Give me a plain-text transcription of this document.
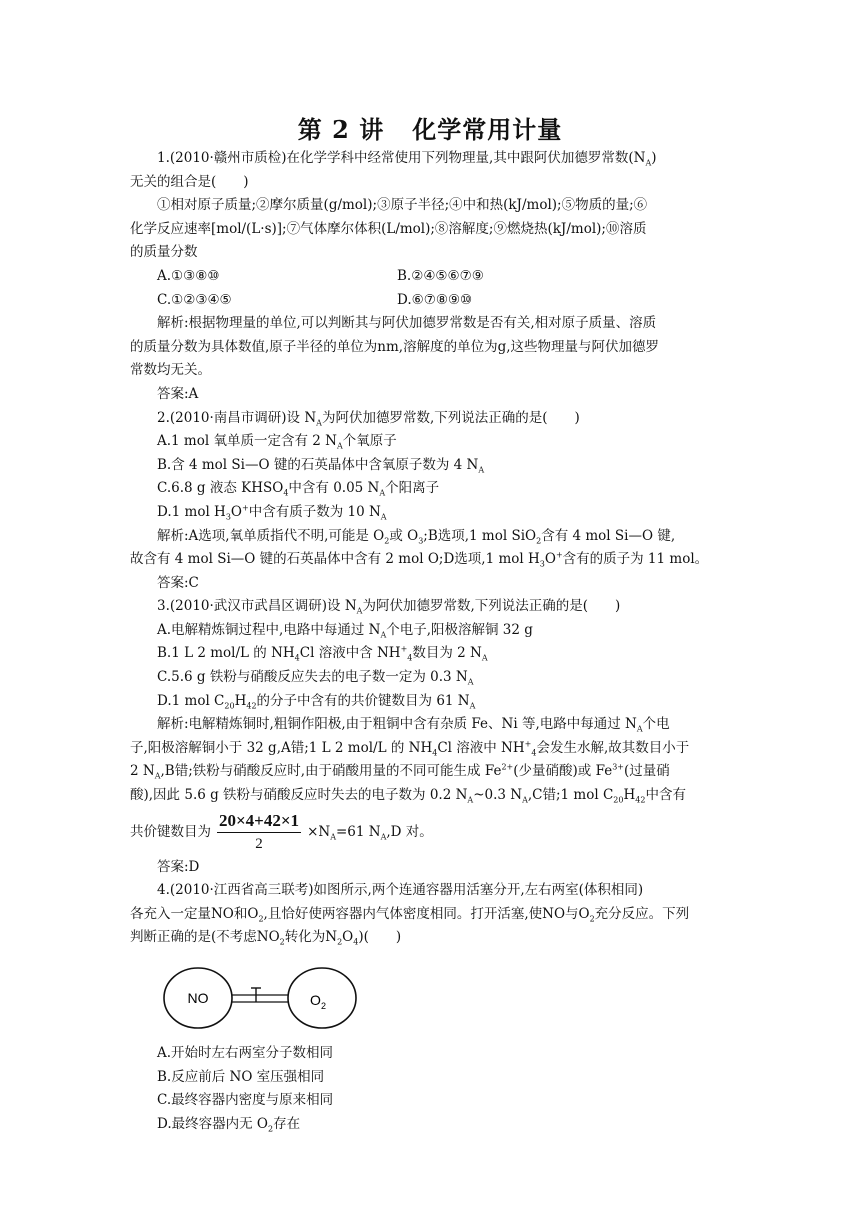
第 2 讲 化学常用计量

1.(2010·赣州市质检)在化学学科中经常使用下列物理量,其中跟阿伏加德罗常数$(N_A)$

无关的组合是(　　)

①相对原子质量;②摩尔质量(g/mol);③原子半径;④中和热(kJ/mol);⑤物质的量;⑥

化学反应速率[mol/(L·s)];⑦气体摩尔体积(L/mol);⑧溶解度;⑨燃烧热(kJ/mol);⑩溶质

的质量分数

A.①③⑧⑩	B.②④⑤⑥⑦⑨
C.①②③④⑤	D.⑥⑦⑧⑨⑩

解析:根据物理量的单位,可以判断其与阿伏加德罗常数是否有关,相对原子质量、溶质

的质量分数为具体数值,原子半径的单位为nm,溶解度的单位为g,这些物理量与阿伏加德罗

常数均无关。

答案:A

2.(2010·南昌市调研)设 $N_A$为阿伏加德罗常数,下列说法正确的是(　　)

A.1 mol 氧单质一定含有 2 $N_A$个氧原子

B.含 4 mol Si—O 键的石英晶体中含氧原子数为 4 $N_A$

C.6.8 g 液态 $KHSO_4$中含有 0.05 $N_A$个阳离子

D.1 mol $H_3O^+$中含有质子数为 10 $N_A$

解析:A选项,氧单质指代不明,可能是 $O_2$或 $O_3;B$选项,1 mol SiO$_2$含有 4 mol Si—O 键,

故含有 4 mol Si—O 键的石英晶体中含有 2 mol O;D选项,1 mol $H_3O^+$含有的质子为 11 mol。

答案:C

3.(2010·武汉市武昌区调研)设 $N_A$为阿伏加德罗常数,下列说法正确的是(　　)

A.电解精炼铜过程中,电路中每通过 $N_A$个电子,阳极溶解铜 32 g

B.1 L 2 mol/L 的 $NH_4Cl$ 溶液中含 $NH^+_4$数目为 2 $N_A$

C.5.6 g 铁粉与硝酸反应失去的电子数一定为 0.3 $N_A$

D.1 mol $C_{20}H_{42}$的分子中含有的共价键数目为 61 $N_A$

解析:电解精炼铜时,粗铜作阳极,由于粗铜中含有杂质 Fe、Ni 等,电路中每通过 $N_A$个电

子,阳极溶解铜小于 32 g,A错;1 L 2 mol/L 的 $NH_4Cl$ 溶液中 $NH^+_4$会发生水解,故其数目小于

2 $N_A,B$错;铁粉与硝酸反应时,由于硝酸用量的不同可能生成 $Fe^{2+}$(少量硝酸)或 $Fe^{3+}$(过量硝

酸),因此 5.6 g 铁粉与硝酸反应时失去的电子数为 0.2 $N_A\sim 0.3$ $N_A,C$错;1 mol $C_{20}H_{42}$中含有

共价键数目为 $\frac{20\times 4+42\times 1}{2} \times N_A=61$ $N_A,D$ 对。

答案:D

4.(2010·江西省高三联考)如图所示,两个连通容器用活塞分开,左右两室(体积相同)

各充入一定量NO和$O_2$,且恰好使两容器内气体密度相同。打开活塞,使NO与$O_2$充分反应。下列

判断正确的是(不考虑$NO_2$转化为$N_2O_4$)(　　)

NO	$O_2$

A.开始时左右两室分子数相同

B.反应前后 NO 室压强相同

C.最终容器内密度与原来相同

D.最终容器内无 $O_2$存在
